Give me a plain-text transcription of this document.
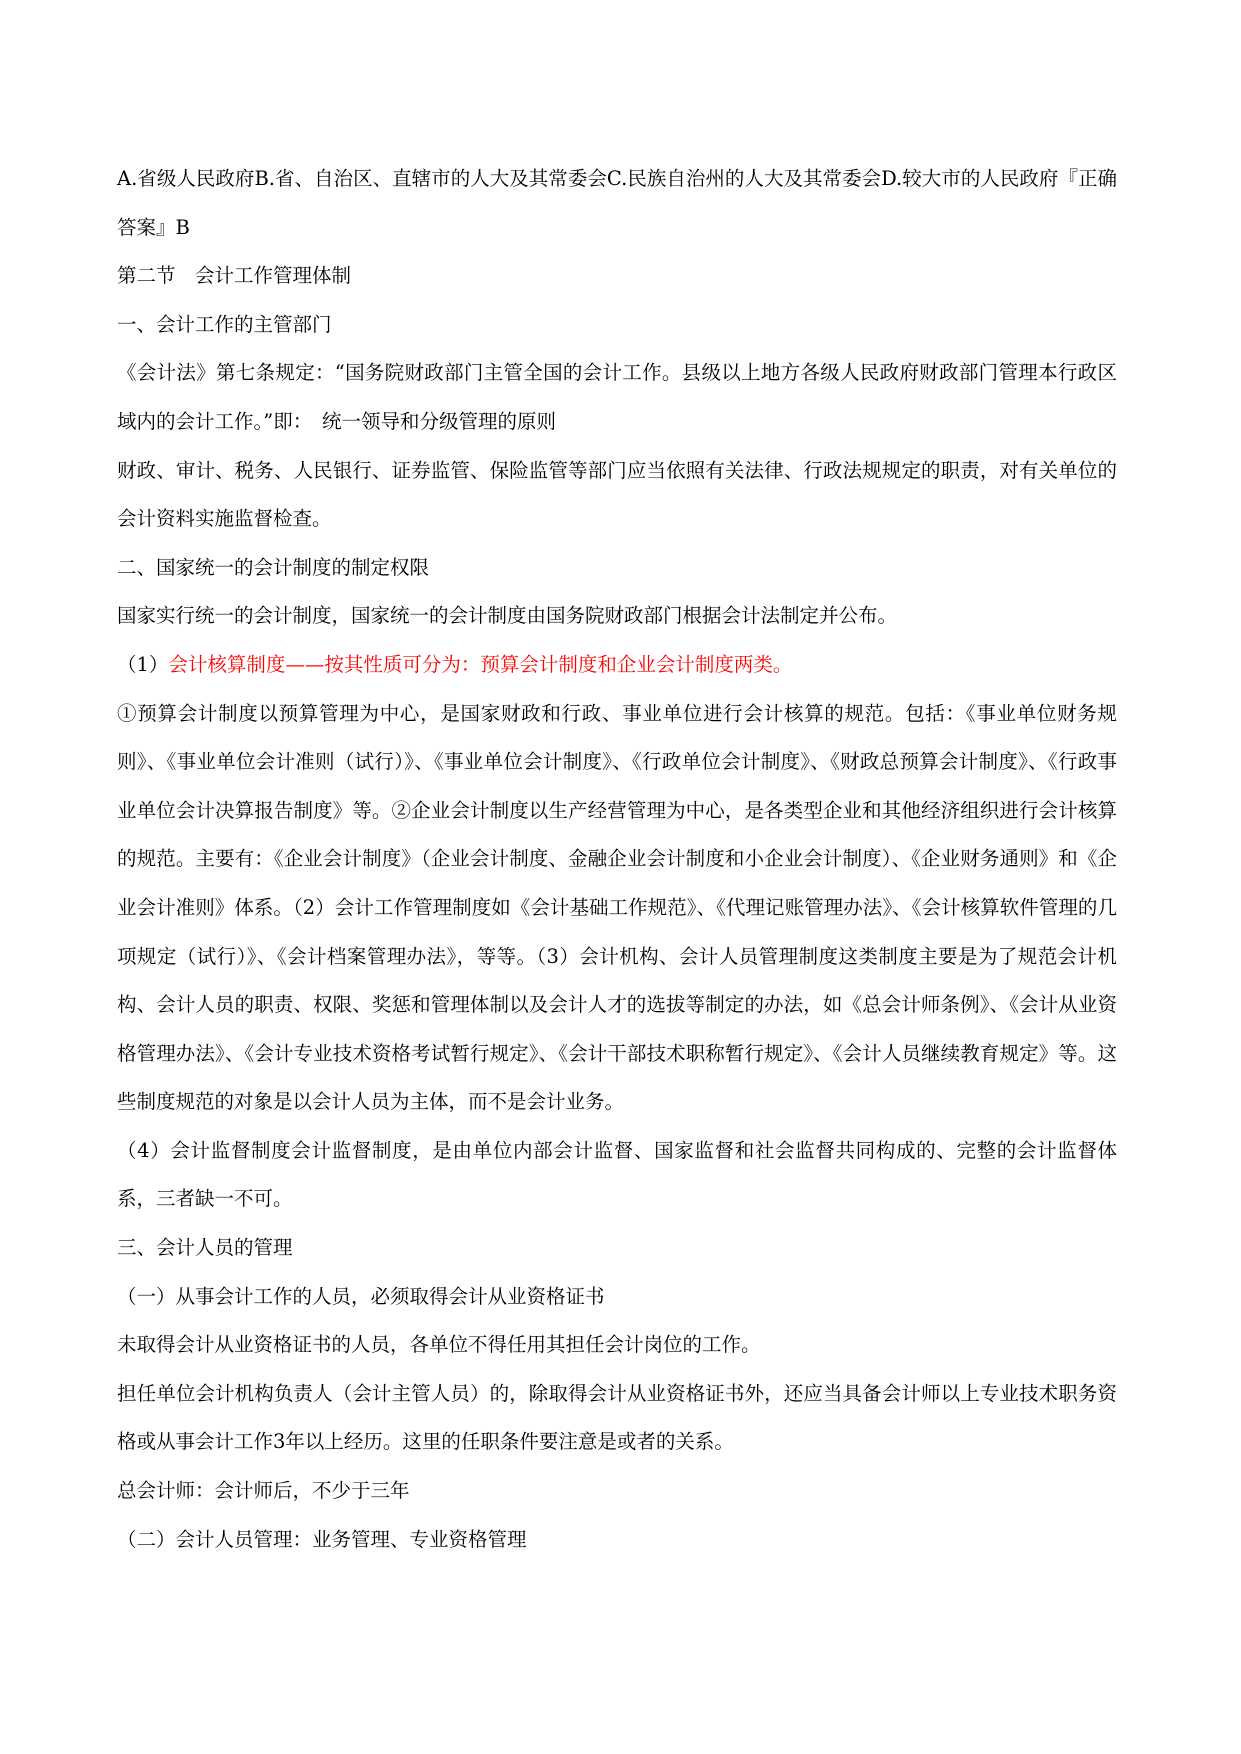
A.省级人民政府B.省、自治区、直辖市的人大及其常委会C.民族自治州的人大及其常委会D.较大市的人民政府『正确答案』B

第二节　会计工作管理体制

一、会计工作的主管部门

《会计法》第七条规定：“国务院财政部门主管全国的会计工作。县级以上地方各级人民政府财政部门管理本行政区域内的会计工作。”即：　统一领导和分级管理的原则

财政、审计、税务、人民银行、证券监管、保险监管等部门应当依照有关法律、行政法规规定的职责，对有关单位的会计资料实施监督检查。

二、国家统一的会计制度的制定权限

国家实行统一的会计制度，国家统一的会计制度由国务院财政部门根据会计法制定并公布。

（1）会计核算制度——按其性质可分为：预算会计制度和企业会计制度两类。

①预算会计制度以预算管理为中心，是国家财政和行政、事业单位进行会计核算的规范。包括：《事业单位财务规则》、《事业单位会计准则（试行）》、《事业单位会计制度》、《行政单位会计制度》、《财政总预算会计制度》、《行政事业单位会计决算报告制度》等。②企业会计制度以生产经营管理为中心，是各类型企业和其他经济组织进行会计核算的规范。主要有：《企业会计制度》（企业会计制度、金融企业会计制度和小企业会计制度）、《企业财务通则》和《企业会计准则》体系。（2）会计工作管理制度如《会计基础工作规范》、《代理记账管理办法》、《会计核算软件管理的几项规定（试行）》、《会计档案管理办法》，等等。（3）会计机构、会计人员管理制度这类制度主要是为了规范会计机构、会计人员的职责、权限、奖惩和管理体制以及会计人才的选拔等制定的办法，如《总会计师条例》、《会计从业资格管理办法》、《会计专业技术资格考试暂行规定》、《会计干部技术职称暂行规定》、《会计人员继续教育规定》等。这些制度规范的对象是以会计人员为主体，而不是会计业务。

（4）会计监督制度会计监督制度，是由单位内部会计监督、国家监督和社会监督共同构成的、完整的会计监督体系，三者缺一不可。

三、会计人员的管理

（一）从事会计工作的人员，必须取得会计从业资格证书

未取得会计从业资格证书的人员，各单位不得任用其担任会计岗位的工作。

担任单位会计机构负责人（会计主管人员）的，除取得会计从业资格证书外，还应当具备会计师以上专业技术职务资格或从事会计工作3年以上经历。这里的任职条件要注意是或者的关系。

总会计师：会计师后，不少于三年

（二）会计人员管理：业务管理、专业资格管理
